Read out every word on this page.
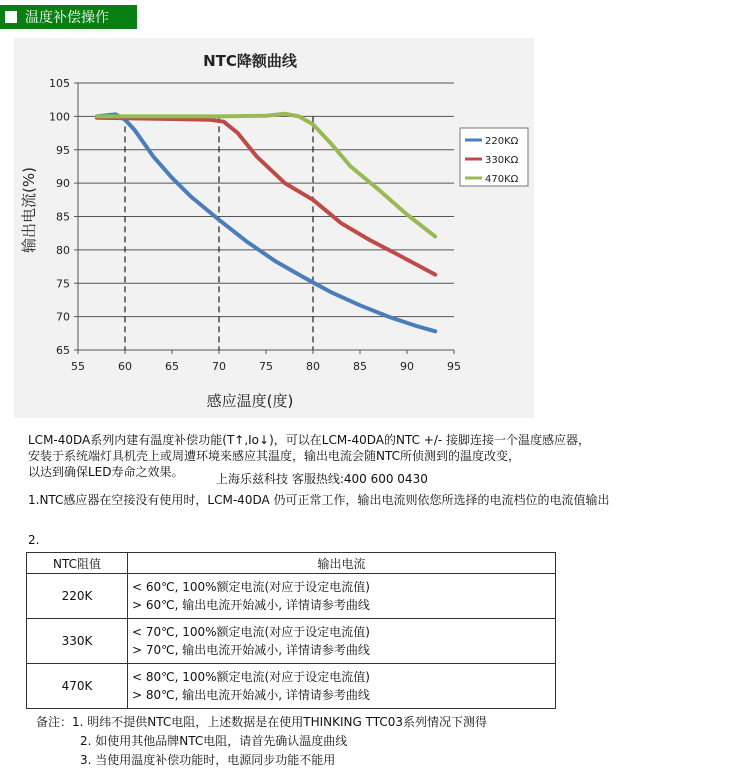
温度补偿操作
NTC降额曲线
65
70
75
80
85
90
95
100
105
55	60	65	70	75	80	85	90	95
感应温度(度)
输出电流(%)
220KΩ
330KΩ
470KΩ
LCM-40DA系列内建有温度补偿功能(T↑,Io↓)，可以在LCM-40DA的NTC +/- 接脚连接一个温度感应器，
安装于系统端灯具机壳上或周遭环境来感应其温度，输出电流会随NTC所侦测到的温度改变，
以达到确保LED寿命之效果。	上海乐兹科技 客服热线:400 600 0430
1.NTC感应器在空接没有使用时，LCM-40DA 仍可正常工作，输出电流则依您所选择的电流档位的电流值输出
2.
NTC阻值	输出电流
220K	< 60℃, 100%额定电流(对应于设定电流值)
> 60℃, 输出电流开始减小, 详情请参考曲线

330K	< 70℃, 100%额定电流(对应于设定电流值)
> 70℃, 输出电流开始减小, 详情请参考曲线

470K	< 80℃, 100%额定电流(对应于设定电流值)
> 80℃, 输出电流开始减小, 详情请参考曲线
备注：1. 明纬不提供NTC电阻，上述数据是在使用THINKING TTC03系列情况下测得
2. 如使用其他品牌NTC电阻，请首先确认温度曲线
3. 当使用温度补偿功能时，电源同步功能不能用
